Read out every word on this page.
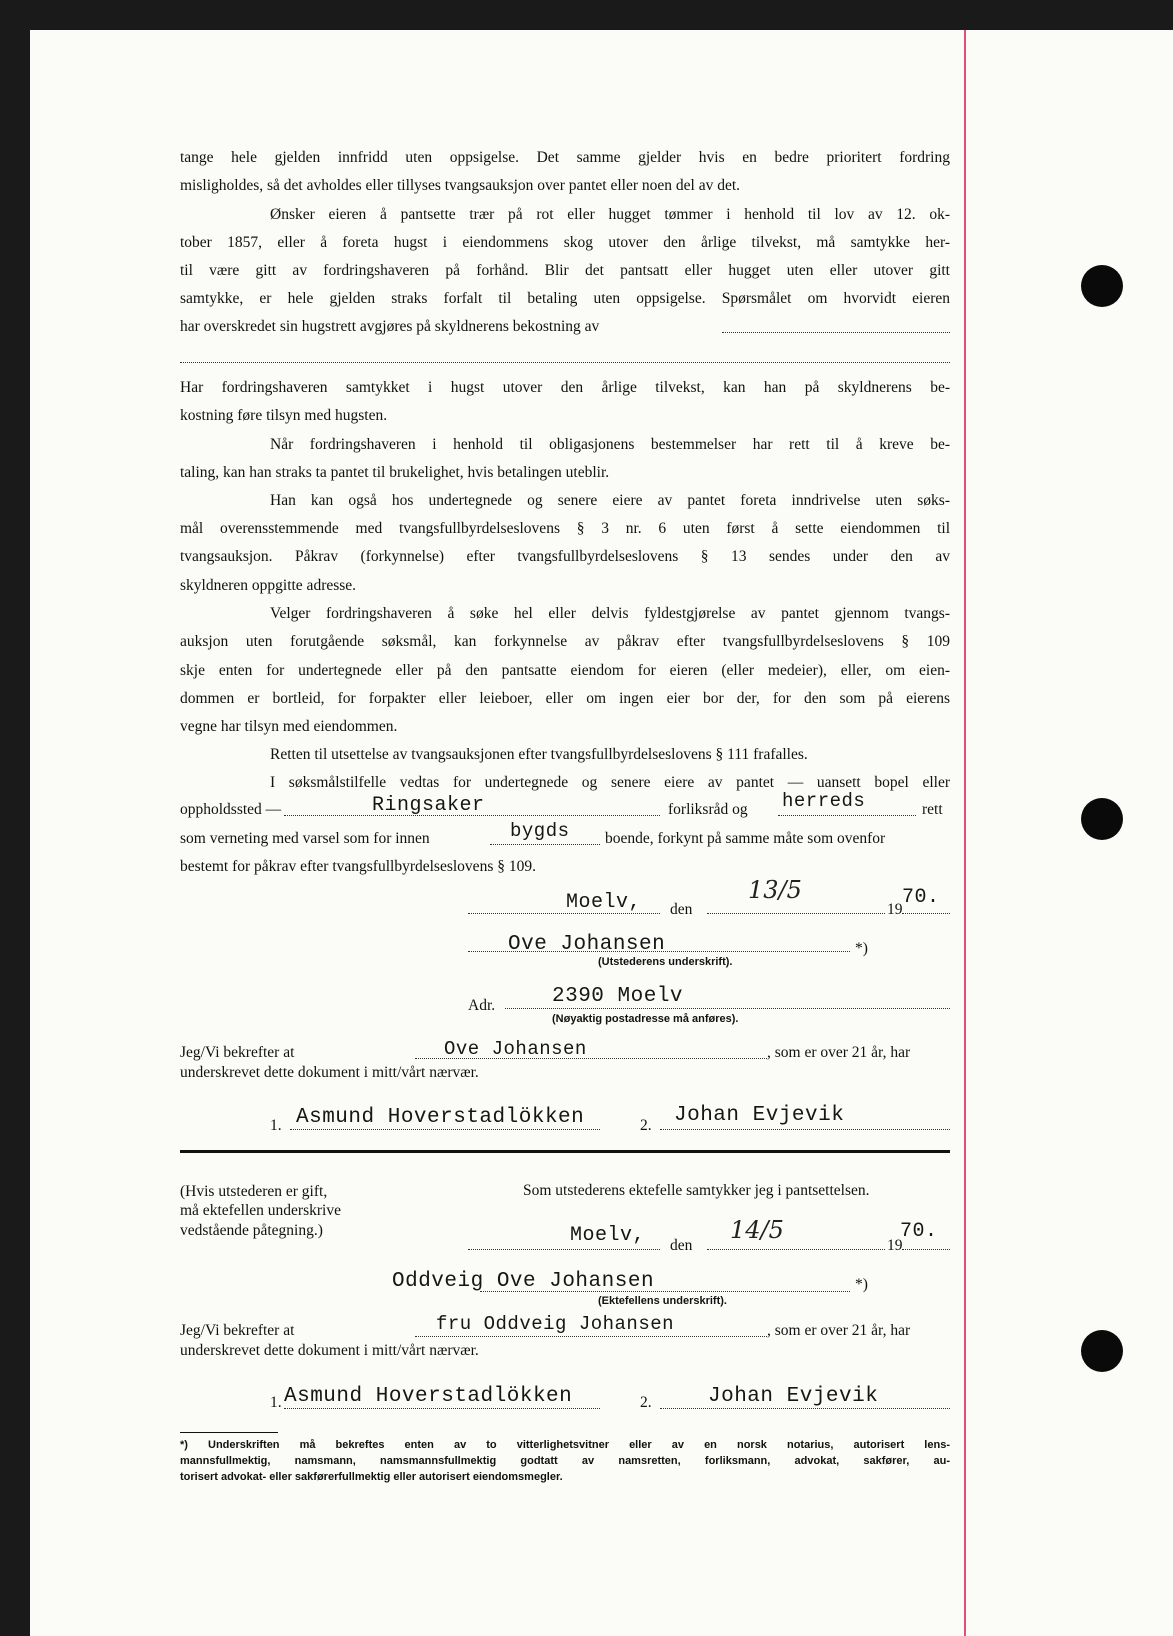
tange hele gjelden innfridd uten oppsigelse. Det samme gjelder hvis en bedre prioritert fordring
misligholdes, så det avholdes eller tillyses tvangsauksjon over pantet eller noen del av det.
Ønsker eieren å pantsette trær på rot eller hugget tømmer i henhold til lov av 12. ok-
tober 1857, eller å foreta hugst i eiendommens skog utover den årlige tilvekst, må samtykke her-
til være gitt av fordringshaveren på forhånd. Blir det pantsatt eller hugget uten eller utover gitt
samtykke, er hele gjelden straks forfalt til betaling uten oppsigelse. Spørsmålet om hvorvidt eieren
har overskredet sin hugstrett avgjøres på skyldnerens bekostning av
Har fordringshaveren samtykket i hugst utover den årlige tilvekst, kan han på skyldnerens be-
kostning føre tilsyn med hugsten.
Når fordringshaveren i henhold til obligasjonens bestemmelser har rett til å kreve be-
taling, kan han straks ta pantet til brukelighet, hvis betalingen uteblir.
Han kan også hos undertegnede og senere eiere av pantet foreta inndrivelse uten søks-
mål overensstemmende med tvangsfullbyrdelseslovens § 3 nr. 6 uten først å sette eiendommen til
tvangsauksjon. Påkrav (forkynnelse) efter tvangsfullbyrdelseslovens § 13 sendes under den av
skyldneren oppgitte adresse.
Velger fordringshaveren å søke hel eller delvis fyldestgjørelse av pantet gjennom tvangs-
auksjon uten forutgående søksmål, kan forkynnelse av påkrav efter tvangsfullbyrdelseslovens § 109
skje enten for undertegnede eller på den pantsatte eiendom for eieren (eller medeier), eller, om eien-
dommen er bortleid, for forpakter eller leieboer, eller om ingen eier bor der, for den som på eierens
vegne har tilsyn med eiendommen.
Retten til utsettelse av tvangsauksjonen efter tvangsfullbyrdelseslovens § 111 frafalles.
I søksmålstilfelle vedtas for undertegnede og senere eiere av pantet — uansett bopel eller
oppholdssted —	Ringsaker	forliksråd og herreds	rett
som verneting med varsel som for innen	bygds boende, forkynt på samme måte som ovenfor
bestemt for påkrav efter tvangsfullbyrdelseslovens § 109.
Moelv, den
13/5
19
70.
Ove Johansen	*)
(Utstederens underskrift).
Adr.	2390 Moelv
(Nøyaktig postadresse må anføres).
Jeg/Vi bekrefter at	Ove Johansen	, som er over 21 år, har
underskrevet dette dokument i mitt/vårt nærvær.
1. Asmund Hoverstadlökken	2. Johan Evjevik
(Hvis utstederen er gift,
må ektefellen underskrive
vedstående påtegning.)
Som utstederens ektefelle samtykker jeg i pantsettelsen.
Moelv, den
14/5
19
70.
Oddveig Ove Johansen	*)
(Ektefellens underskrift).
Jeg/Vi bekrefter at	fru Oddveig Johansen	, som er over 21 år, har
underskrevet dette dokument i mitt/vårt nærvær.
1. Asmund Hoverstadlökken	2.	Johan Evjevik
*) Underskriften må bekreftes enten av to vitterlighetsvitner eller av en norsk notarius, autorisert lens-
mannsfullmektig, namsmann, namsmannsfullmektig godtatt av namsretten, forliksmann, advokat, sakfører, au-
torisert advokat- eller sakførerfullmektig eller autorisert eiendomsmegler.
